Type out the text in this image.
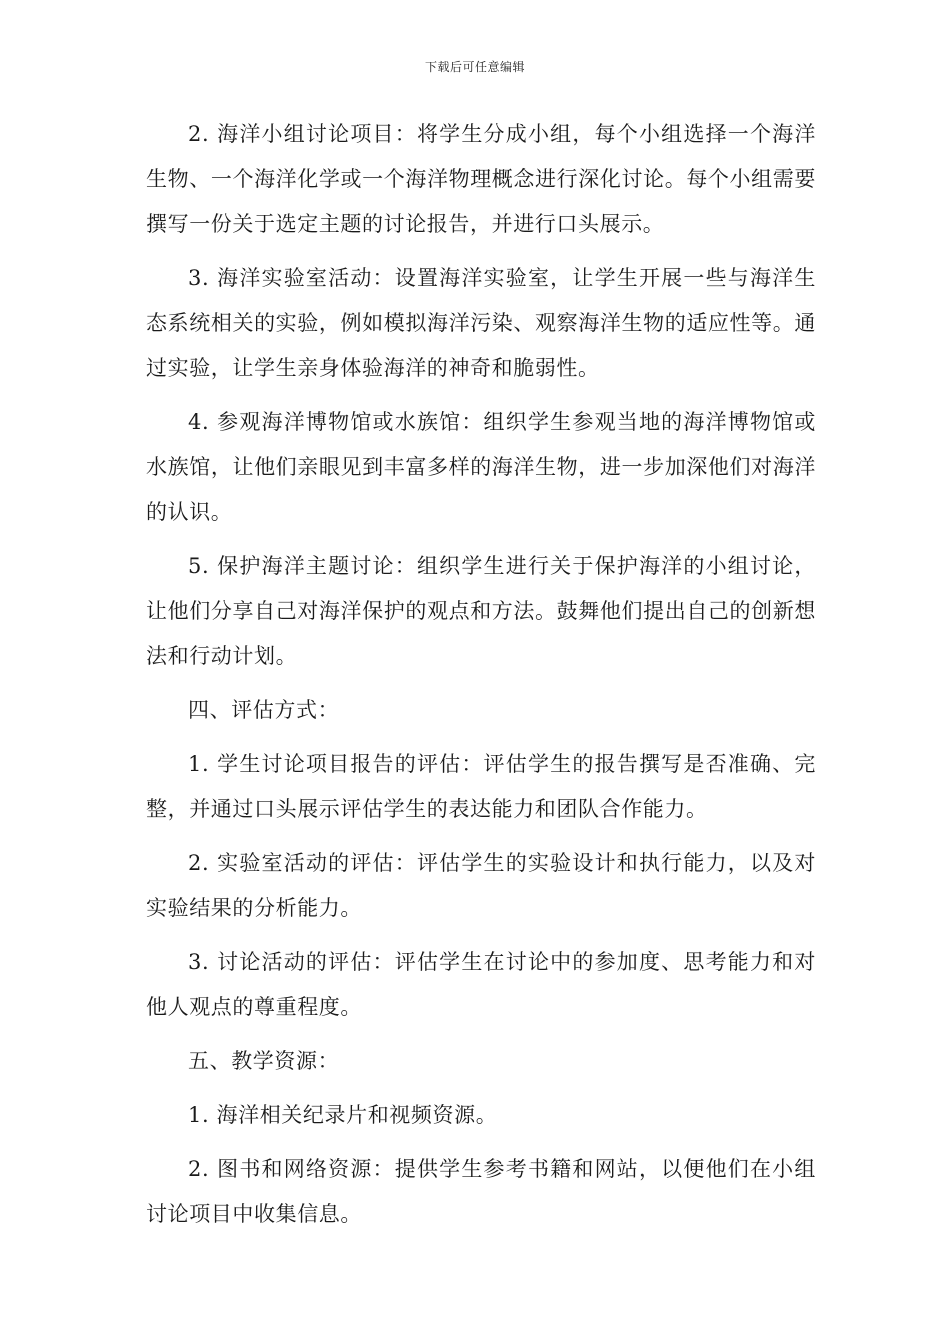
下载后可任意编辑

2. 海洋小组讨论项目：将学生分成小组，每个小组选择一个海洋生物、一个海洋化学或一个海洋物理概念进行深化讨论。每个小组需要撰写一份关于选定主题的讨论报告，并进行口头展示。

3. 海洋实验室活动：设置海洋实验室，让学生开展一些与海洋生态系统相关的实验，例如模拟海洋污染、观察海洋生物的适应性等。通过实验，让学生亲身体验海洋的神奇和脆弱性。

4. 参观海洋博物馆或水族馆：组织学生参观当地的海洋博物馆或水族馆，让他们亲眼见到丰富多样的海洋生物，进一步加深他们对海洋的认识。

5. 保护海洋主题讨论：组织学生进行关于保护海洋的小组讨论，让他们分享自己对海洋保护的观点和方法。鼓舞他们提出自己的创新想法和行动计划。

四、评估方式：

1. 学生讨论项目报告的评估：评估学生的报告撰写是否准确、完整，并通过口头展示评估学生的表达能力和团队合作能力。

2. 实验室活动的评估：评估学生的实验设计和执行能力，以及对实验结果的分析能力。

3. 讨论活动的评估：评估学生在讨论中的参加度、思考能力和对他人观点的尊重程度。

五、教学资源：

1. 海洋相关纪录片和视频资源。

2. 图书和网络资源：提供学生参考书籍和网站，以便他们在小组讨论项目中收集信息。
